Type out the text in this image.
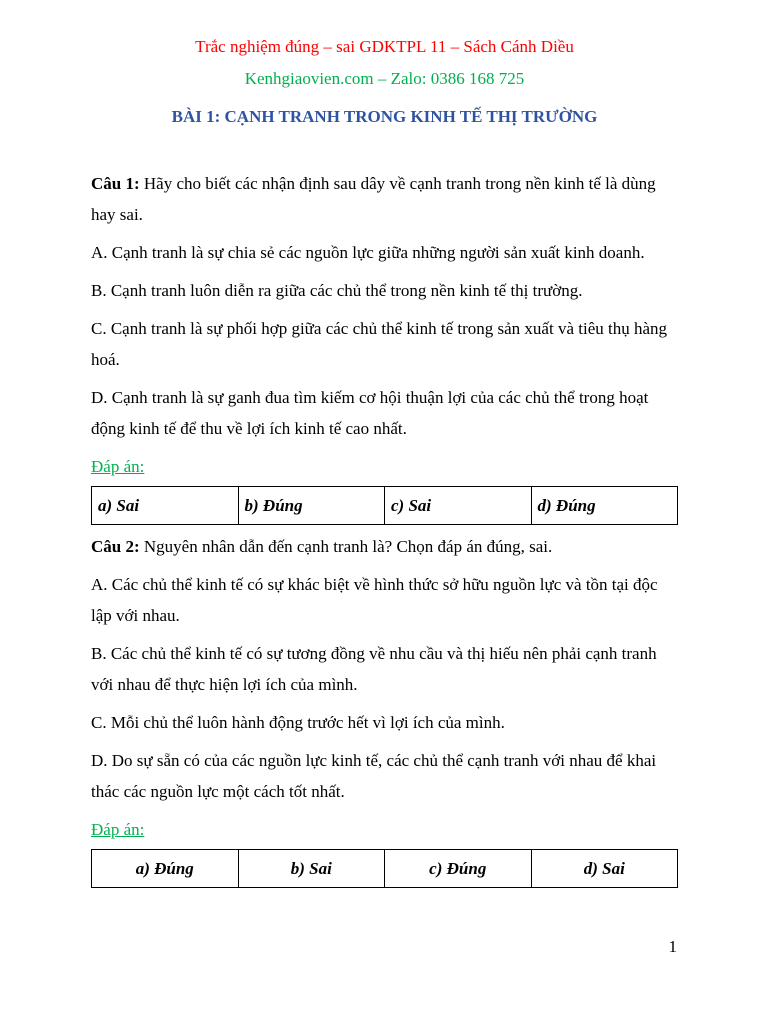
Trắc nghiệm đúng – sai GDKTPL 11 – Sách Cánh Diều

Kenhgiaovien.com – Zalo: 0386 168 725

BÀI 1: CẠNH TRANH TRONG KINH TẾ THỊ TRƯỜNG

Câu 1: Hãy cho biết các nhận định sau dây về cạnh tranh trong nền kinh tế là dùng hay sai.

A. Cạnh tranh là sự chia sẻ các nguồn lực giữa những người sản xuất kinh doanh.

B. Cạnh tranh luôn diễn ra giữa các chủ thể trong nền kinh tế thị trường.

C. Cạnh tranh là sự phối hợp giữa các chủ thể kinh tế trong sản xuất và tiêu thụ hàng hoá.

D. Cạnh tranh là sự ganh đua tìm kiếm cơ hội thuận lợi của các chủ thể trong hoạt động kinh tế để thu về lợi ích kinh tế cao nhất.

Đáp án:

a) Sai	b) Đúng	c) Sai	d) Đúng

Câu 2: Nguyên nhân dẫn đến cạnh tranh là? Chọn đáp án đúng, sai.

A. Các chủ thể kinh tế có sự khác biệt về hình thức sở hữu nguồn lực và tồn tại độc lập với nhau.

B. Các chủ thể kinh tế có sự tương đồng về nhu cầu và thị hiếu nên phải cạnh tranh với nhau để thực hiện lợi ích của mình.

C. Mỗi chủ thể luôn hành động trước hết vì lợi ích của mình.

D. Do sự sẵn có của các nguồn lực kinh tế, các chủ thể cạnh tranh với nhau để khai thác các nguồn lực một cách tốt nhất.

Đáp án:

a) Đúng	b) Sai	c) Đúng	d) Sai
1
